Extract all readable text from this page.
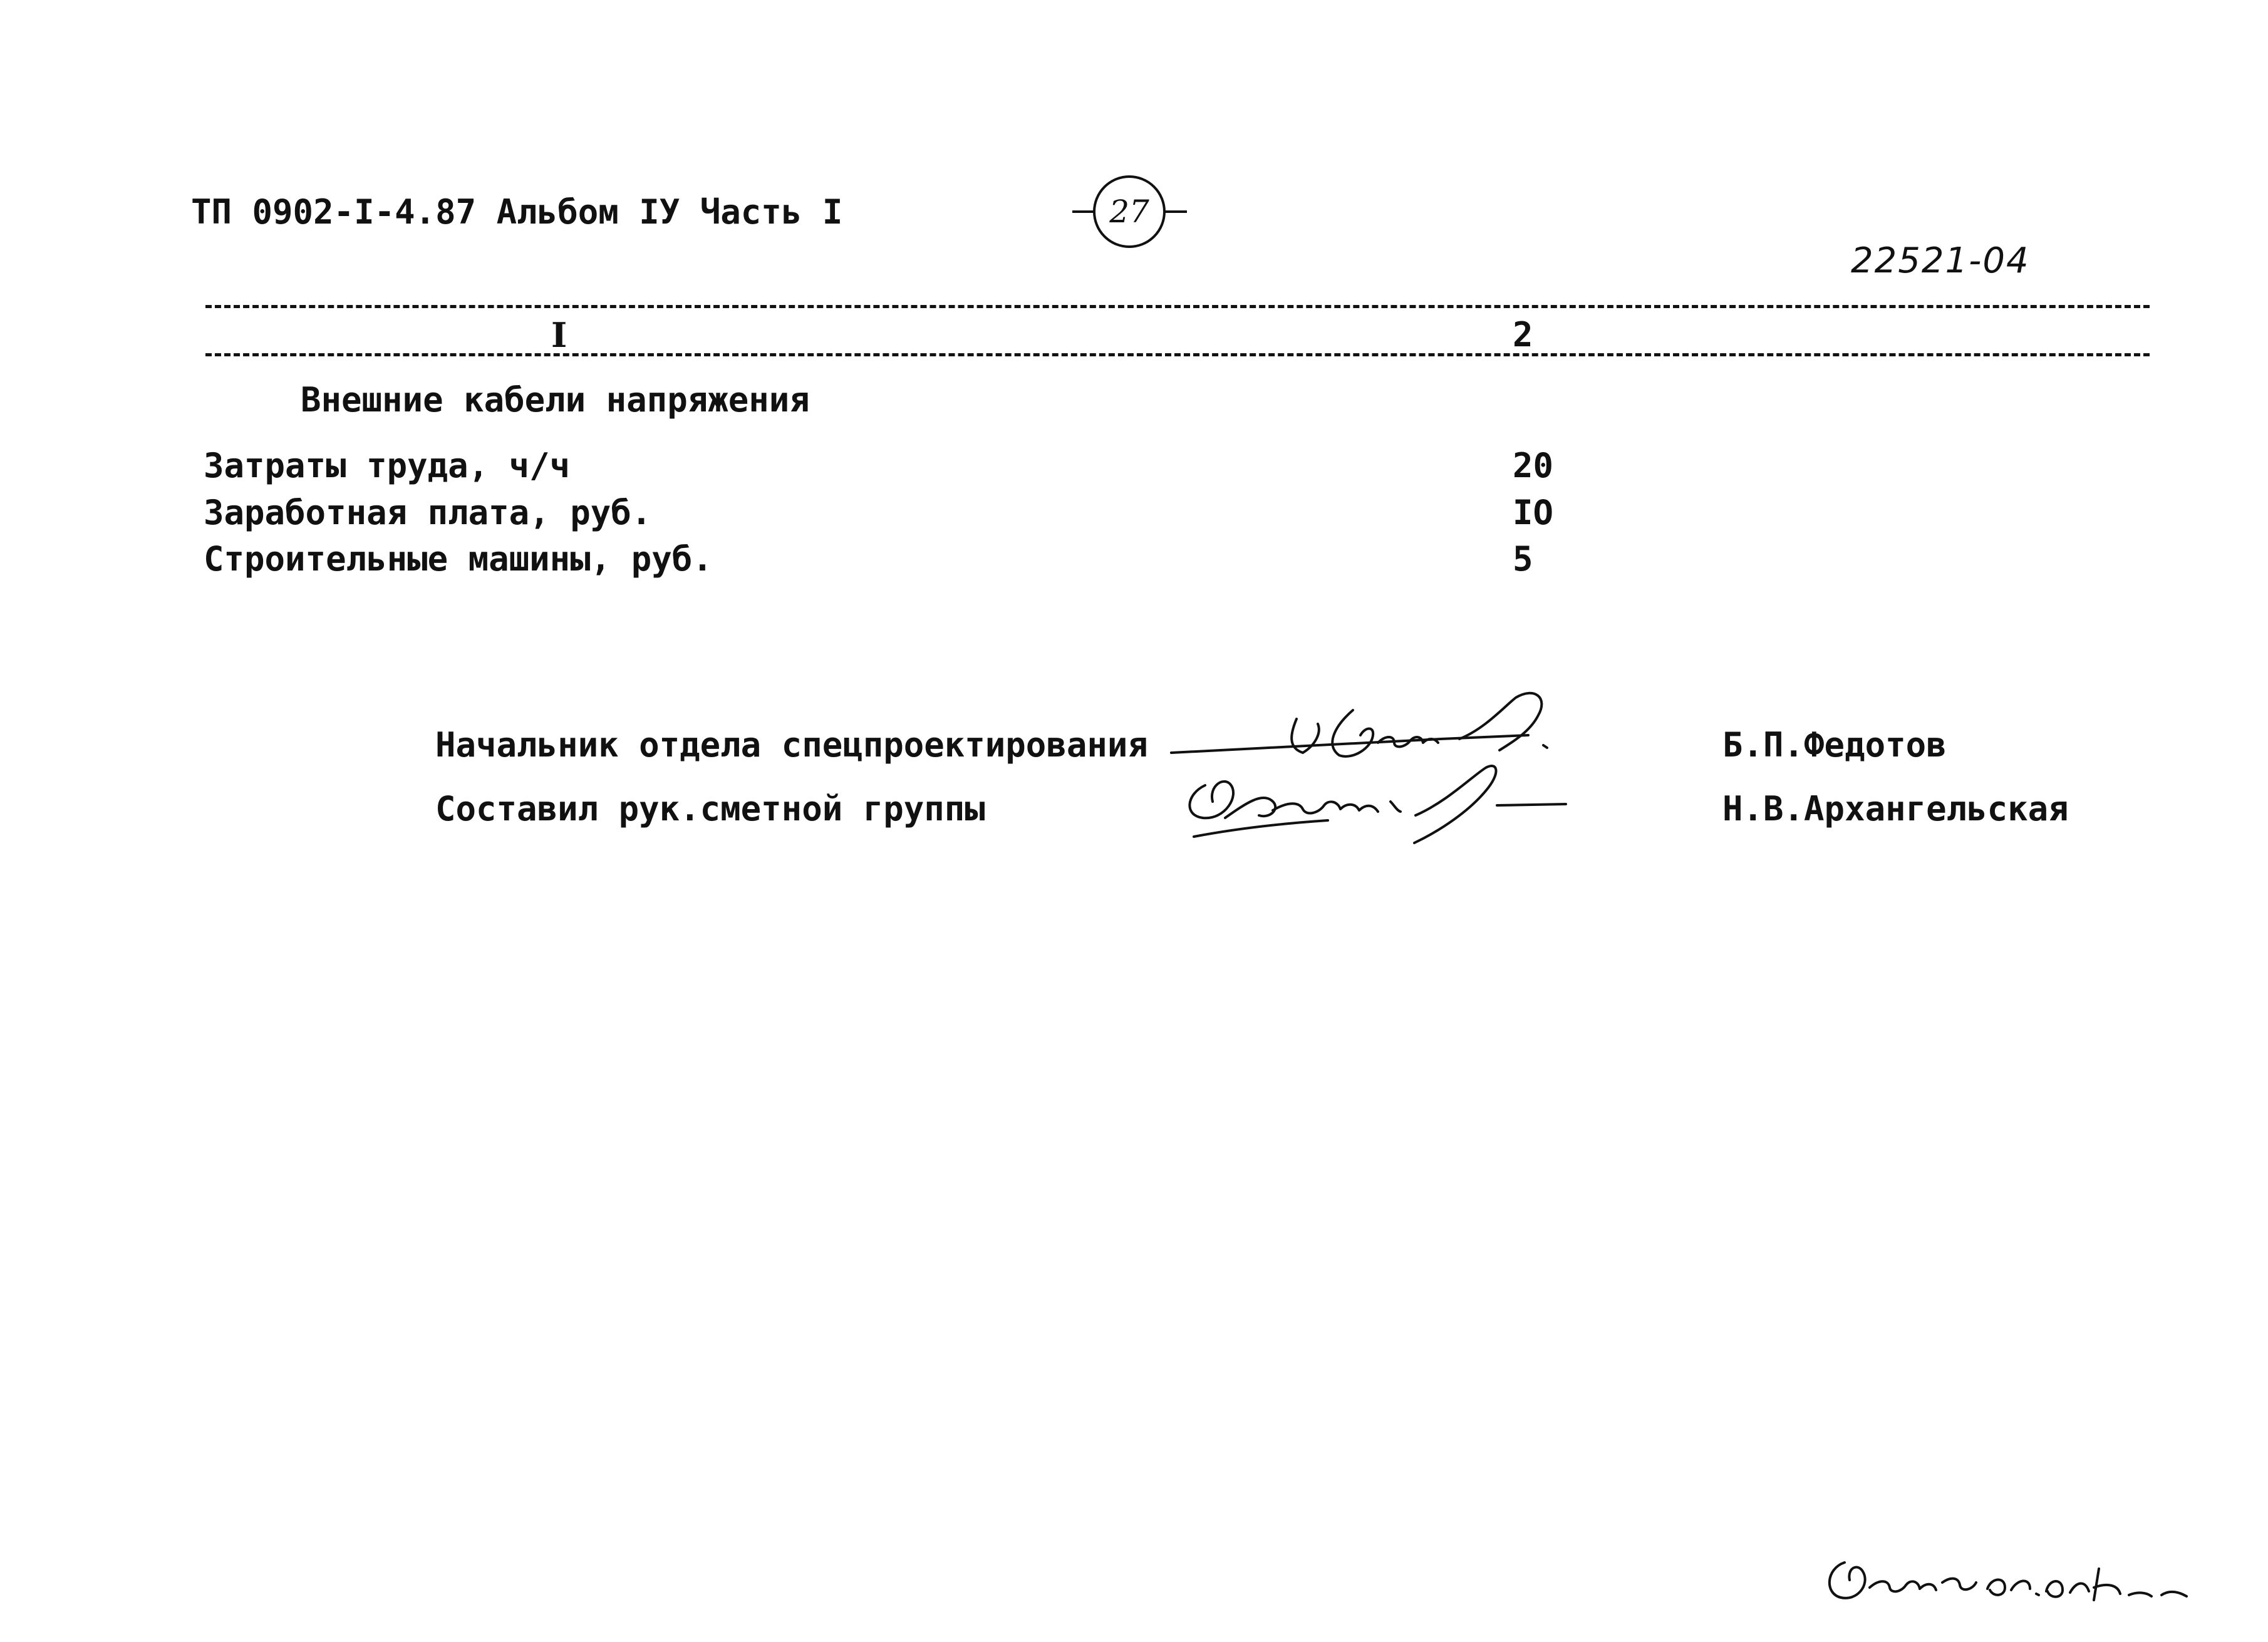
ТП 0902-I-4.87 Альбом IУ Часть I	27
22521-04
I	2
Внешние кабели напряжения
Затраты труда, ч/ч	20
Заработная плата, руб.	IO
Строительные машины, руб.	5
Начальник отдела спецпроектирования	Б.П.Федотов
Составил рук.сметной группы	Н.В.Архангельская
